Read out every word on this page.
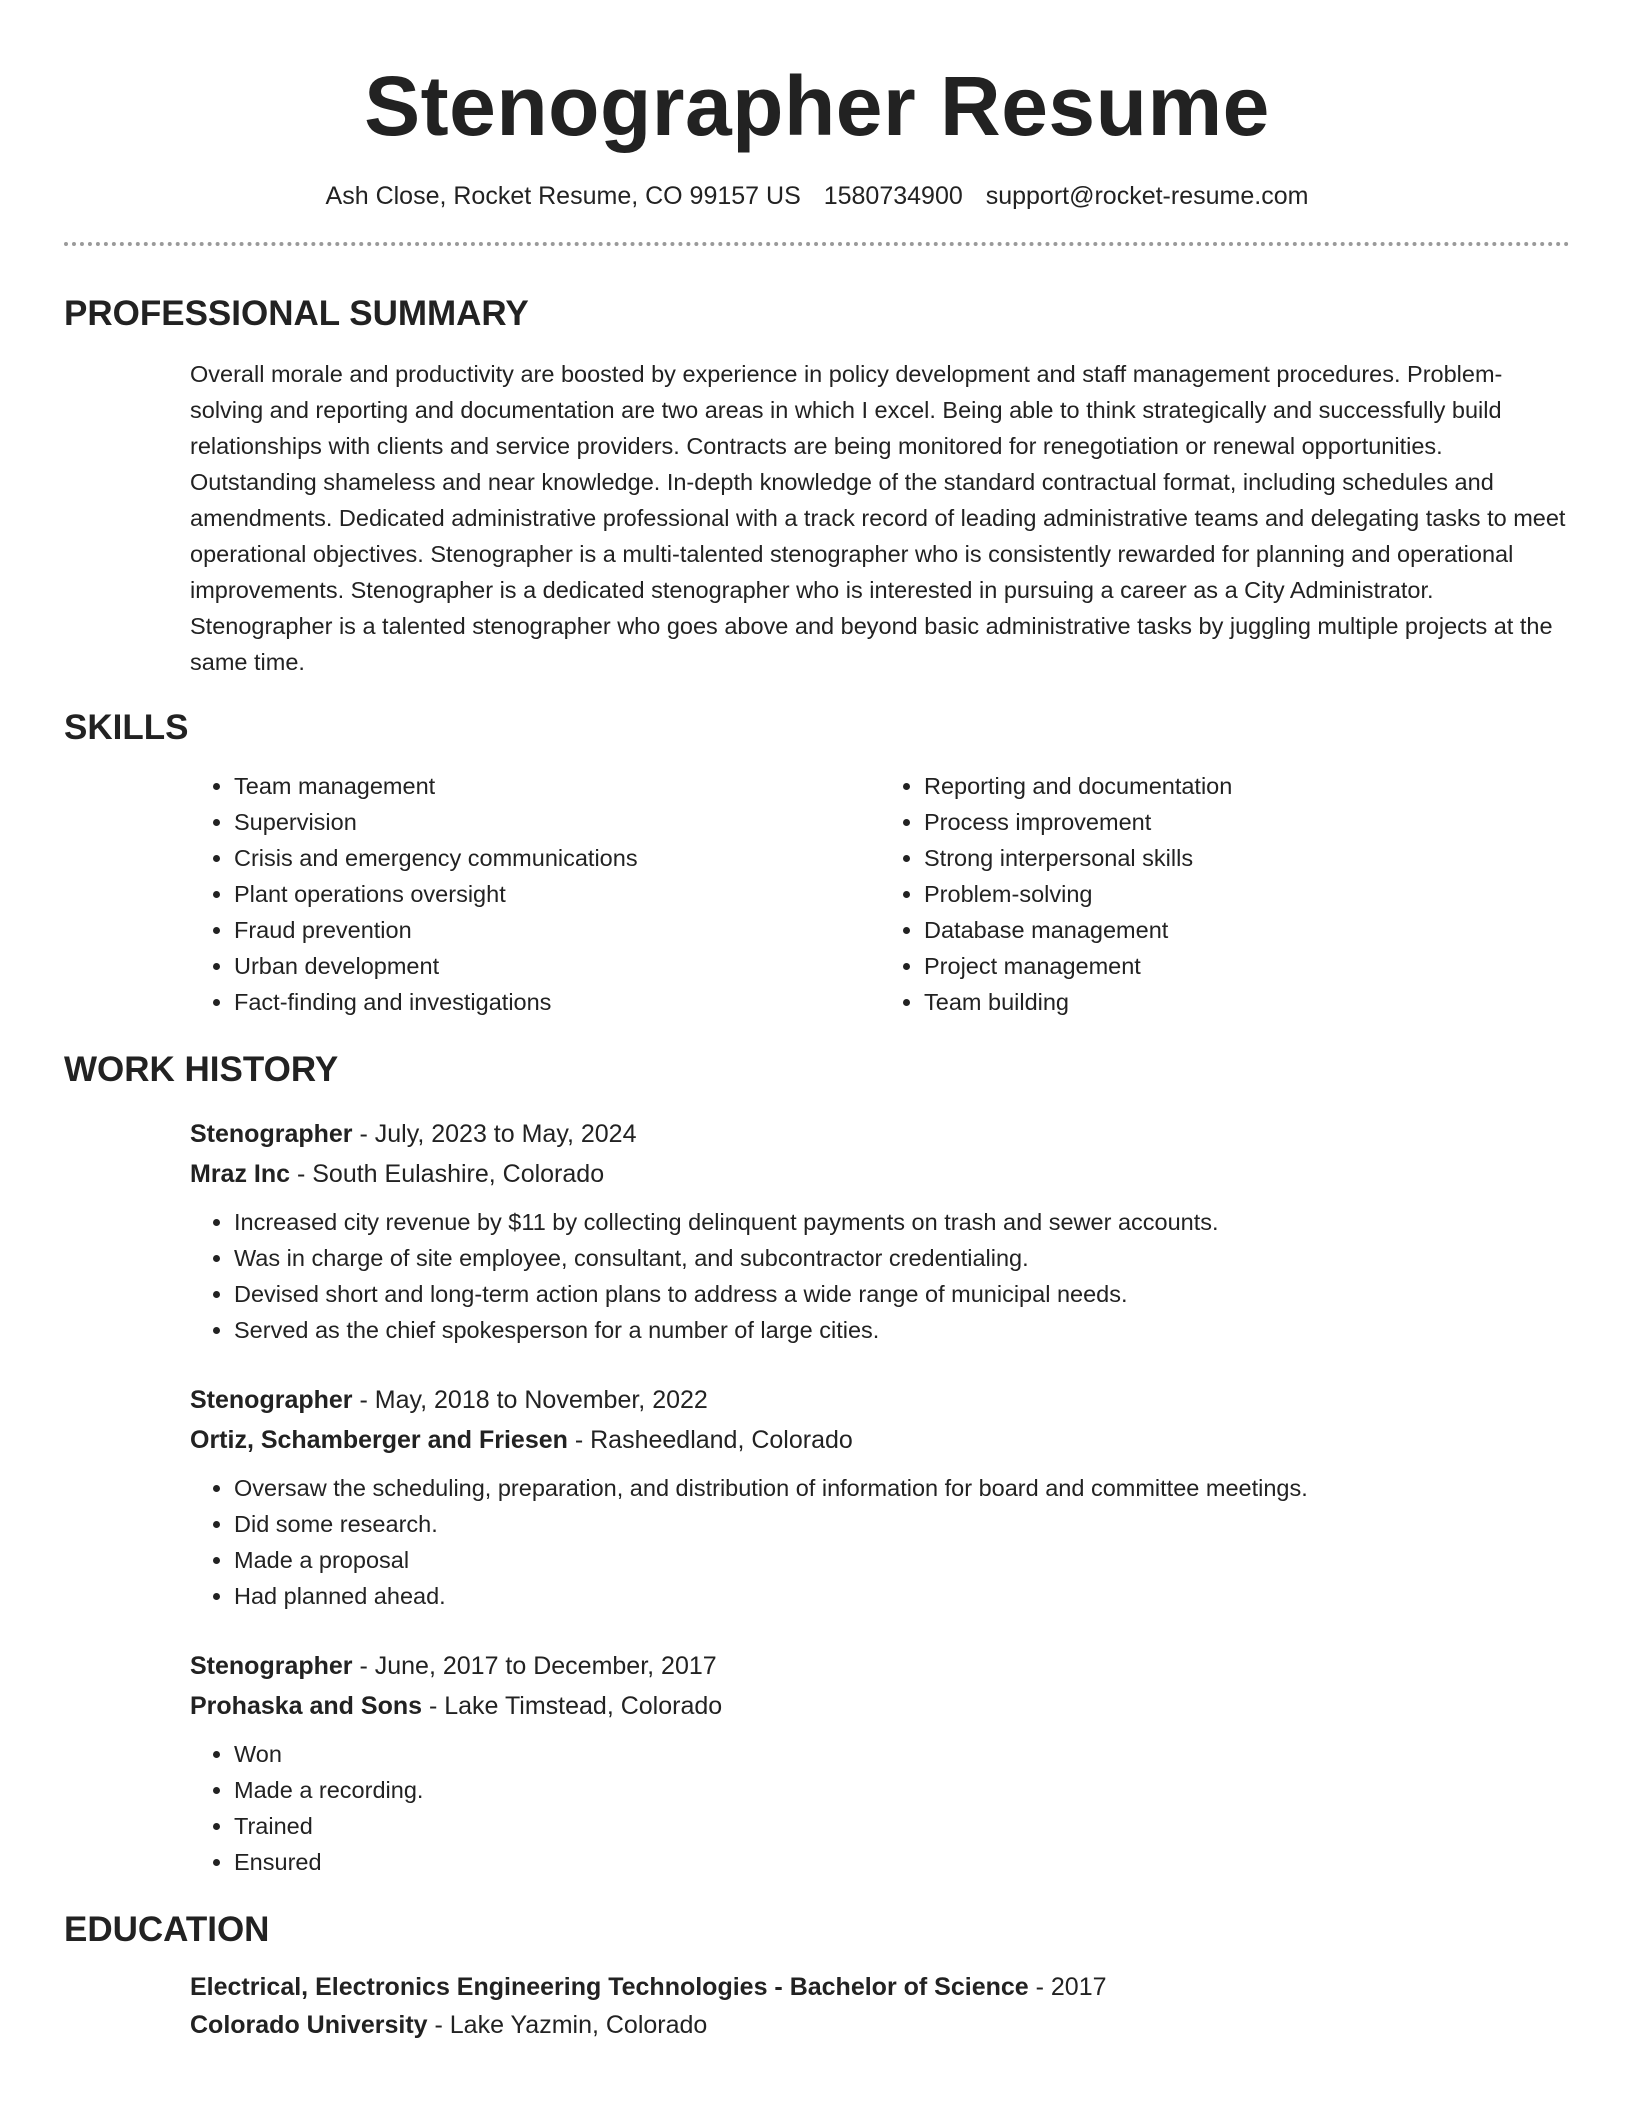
Stenographer Resume
Ash Close, Rocket Resume, CO 99157 US 1580734900 support@rocket-resume.com
PROFESSIONAL SUMMARY

Overall morale and productivity are boosted by experience in policy development and staff management procedures. Problem-solving and reporting and documentation are two areas in which I excel. Being able to think strategically and successfully build relationships with clients and service providers. Contracts are being monitored for renegotiation or renewal opportunities. Outstanding shameless and near knowledge. In-depth knowledge of the standard contractual format, including schedules and amendments. Dedicated administrative professional with a track record of leading administrative teams and delegating tasks to meet operational objectives. Stenographer is a multi-talented stenographer who is consistently rewarded for planning and operational improvements. Stenographer is a dedicated stenographer who is interested in pursuing a career as a City Administrator. Stenographer is a talented stenographer who goes above and beyond basic administrative tasks by juggling multiple projects at the same time.

SKILLS
• Team management
• Supervision
• Crisis and emergency communications
• Plant operations oversight
• Fraud prevention
• Urban development
• Fact-finding and investigations
• Reporting and documentation
• Process improvement
• Strong interpersonal skills
• Problem-solving
• Database management
• Project management
• Team building
WORK HISTORY
Stenographer - July, 2023 to May, 2024
Mraz Inc - South Eulashire, Colorado
• Increased city revenue by $11 by collecting delinquent payments on trash and sewer accounts.
• Was in charge of site employee, consultant, and subcontractor credentialing.
• Devised short and long-term action plans to address a wide range of municipal needs.
• Served as the chief spokesperson for a number of large cities.
Stenographer - May, 2018 to November, 2022
Ortiz, Schamberger and Friesen - Rasheedland, Colorado
• Oversaw the scheduling, preparation, and distribution of information for board and committee meetings.
• Did some research.
• Made a proposal
• Had planned ahead.
Stenographer - June, 2017 to December, 2017
Prohaska and Sons - Lake Timstead, Colorado
• Won
• Made a recording.
• Trained
• Ensured
EDUCATION
Electrical, Electronics Engineering Technologies - Bachelor of Science - 2017
Colorado University - Lake Yazmin, Colorado
